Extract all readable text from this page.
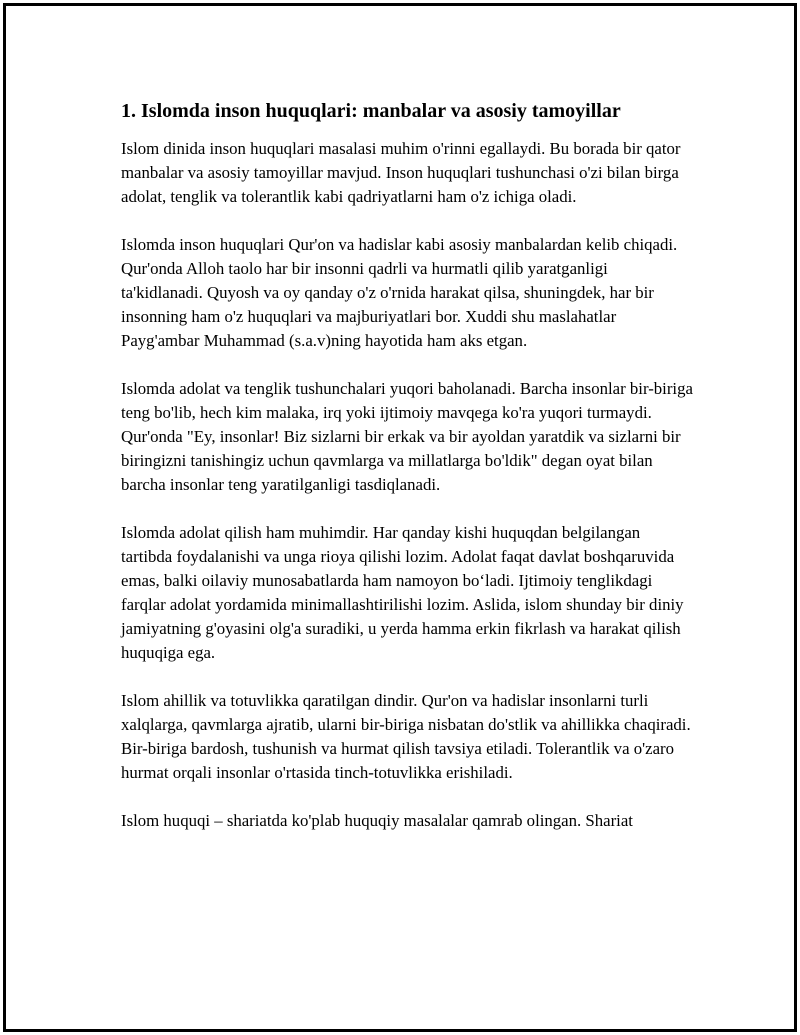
1. Islomda inson huquqlari: manbalar va asosiy tamoyillar

Islom dinida inson huquqlari masalasi muhim o'rinni egallaydi. Bu borada bir qator manbalar va asosiy tamoyillar mavjud. Inson huquqlari tushunchasi o'zi bilan birga adolat, tenglik va tolerantlik kabi qadriyatlarni ham o'z ichiga oladi.

Islomda inson huquqlari Qur'on va hadislar kabi asosiy manbalardan kelib chiqadi. Qur'onda Alloh taolo har bir insonni qadrli va hurmatli qilib yaratganligi ta'kidlanadi. Quyosh va oy qanday o'z o'rnida harakat qilsa, shuningdek, har bir insonning ham o'z huquqlari va majburiyatlari bor. Xuddi shu maslahatlar Payg'ambar Muhammad (s.a.v)ning hayotida ham aks etgan.

Islomda adolat va tenglik tushunchalari yuqori baholanadi. Barcha insonlar bir-biriga teng bo'lib, hech kim malaka, irq yoki ijtimoiy mavqega ko'ra yuqori turmaydi. Qur'onda "Ey, insonlar! Biz sizlarni bir erkak va bir ayoldan yaratdik va sizlarni bir biringizni tanishingiz uchun qavmlarga va millatlarga bo'ldik" degan oyat bilan barcha insonlar teng yaratilganligi tasdiqlanadi.

Islomda adolat qilish ham muhimdir. Har qanday kishi huquqdan belgilangan tartibda foydalanishi va unga rioya qilishi lozim. Adolat faqat davlat boshqaruvida emas, balki oilaviy munosabatlarda ham namoyon bo‘ladi. Ijtimoiy tenglikdagi farqlar adolat yordamida minimallashtirilishi lozim. Aslida, islom shunday bir diniy jamiyatning g'oyasini olg'a suradiki, u yerda hamma erkin fikrlash va harakat qilish huquqiga ega.

Islom ahillik va totuvlikka qaratilgan dindir. Qur'on va hadislar insonlarni turli xalqlarga, qavmlarga ajratib, ularni bir-biriga nisbatan do'stlik va ahillikka chaqiradi. Bir-biriga bardosh, tushunish va hurmat qilish tavsiya etiladi. Tolerantlik va o'zaro hurmat orqali insonlar o'rtasida tinch-totuvlikka erishiladi.

Islom huquqi – shariatda ko'plab huquqiy masalalar qamrab olingan. Shariat
